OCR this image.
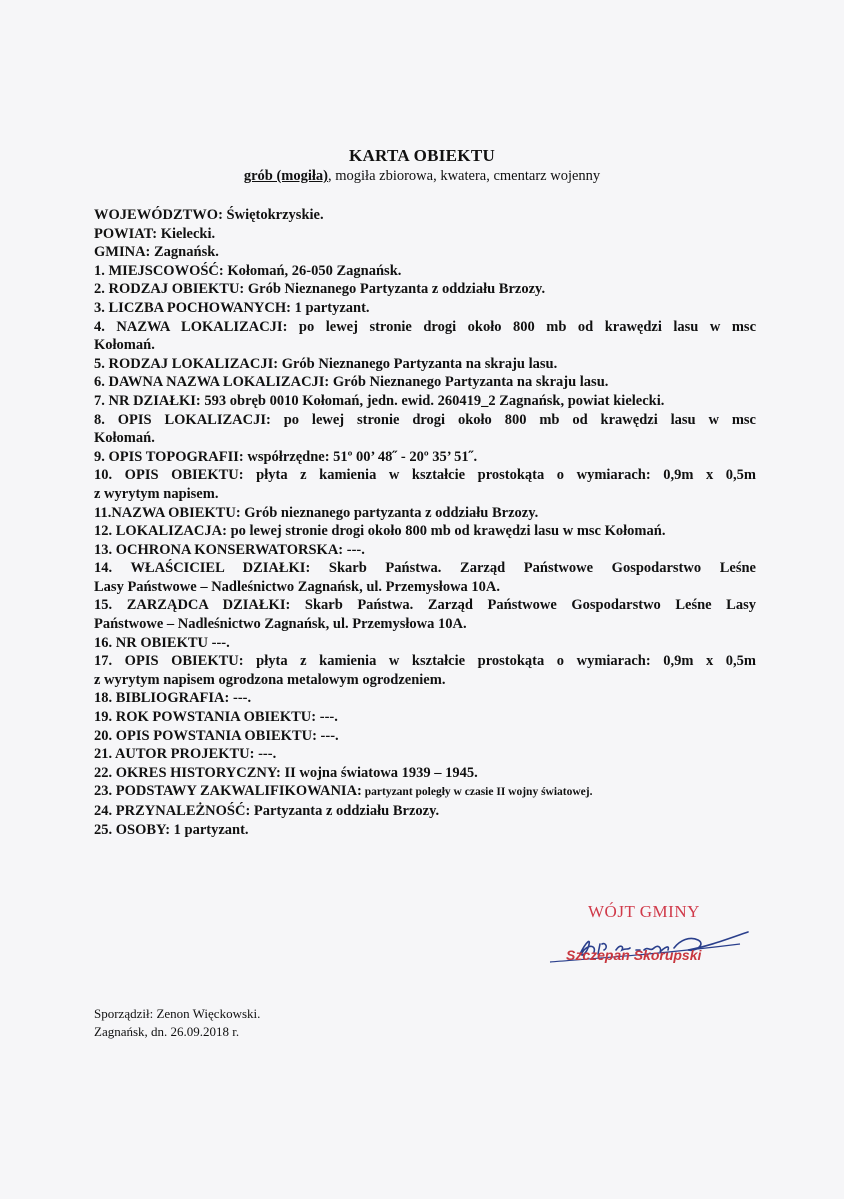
KARTA OBIEKTU
grób (mogiła), mogiła zbiorowa, kwatera, cmentarz wojenny
WOJEWÓDZTWO: Świętokrzyskie.
POWIAT: Kielecki.
GMINA: Zagnańsk.
1. MIEJSCOWOŚĆ: Kołomań, 26-050 Zagnańsk.
2. RODZAJ OBIEKTU: Grób Nieznanego Partyzanta z oddziału Brzozy.
3. LICZBA POCHOWANYCH: 1 partyzant.
4. NAZWA LOKALIZACJI: po lewej stronie drogi około 800 mb od krawędzi lasu w msc
Kołomań.
5. RODZAJ LOKALIZACJI: Grób Nieznanego Partyzanta na skraju lasu.
6. DAWNA NAZWA LOKALIZACJI: Grób Nieznanego Partyzanta na skraju lasu.
7. NR DZIAŁKI: 593 obręb 0010 Kołomań, jedn. ewid. 260419_2 Zagnańsk, powiat kielecki.
8. OPIS LOKALIZACJI: po lewej stronie drogi około 800 mb od krawędzi lasu w msc
Kołomań.
9. OPIS TOPOGRAFII: współrzędne: 51º 00’ 48˝ - 20º 35’ 51˝.
10. OPIS OBIEKTU: płyta z kamienia w kształcie prostokąta o wymiarach: 0,9m x 0,5m
z wyrytym napisem.
11.NAZWA OBIEKTU: Grób nieznanego partyzanta z oddziału Brzozy.
12. LOKALIZACJA: po lewej stronie drogi około 800 mb od krawędzi lasu w msc Kołomań.
13. OCHRONA KONSERWATORSKA: ---.
14. WŁAŚCICIEL DZIAŁKI: Skarb Państwa. Zarząd Państwowe Gospodarstwo Leśne
Lasy Państwowe – Nadleśnictwo Zagnańsk, ul. Przemysłowa 10A.
15. ZARZĄDCA DZIAŁKI: Skarb Państwa. Zarząd Państwowe Gospodarstwo Leśne Lasy
Państwowe – Nadleśnictwo Zagnańsk, ul. Przemysłowa 10A.
16. NR OBIEKTU ---.
17. OPIS OBIEKTU: płyta z kamienia w kształcie prostokąta o wymiarach: 0,9m x 0,5m
z wyrytym napisem ogrodzona metalowym ogrodzeniem.
18. BIBLIOGRAFIA: ---.
19. ROK POWSTANIA OBIEKTU: ---.
20. OPIS POWSTANIA OBIEKTU: ---.
21. AUTOR PROJEKTU: ---.
22. OKRES HISTORYCZNY: II wojna światowa 1939 – 1945.
23. PODSTAWY ZAKWALIFIKOWANIA: partyzant poległy w czasie II wojny światowej.
24. PRZYNALEŻNOŚĆ: Partyzanta z oddziału Brzozy.
25. OSOBY: 1 partyzant.
WÓJT GMINY
Szczepan Skorupski
Sporządził: Zenon Więckowski.
Zagnańsk, dn. 26.09.2018 r.
